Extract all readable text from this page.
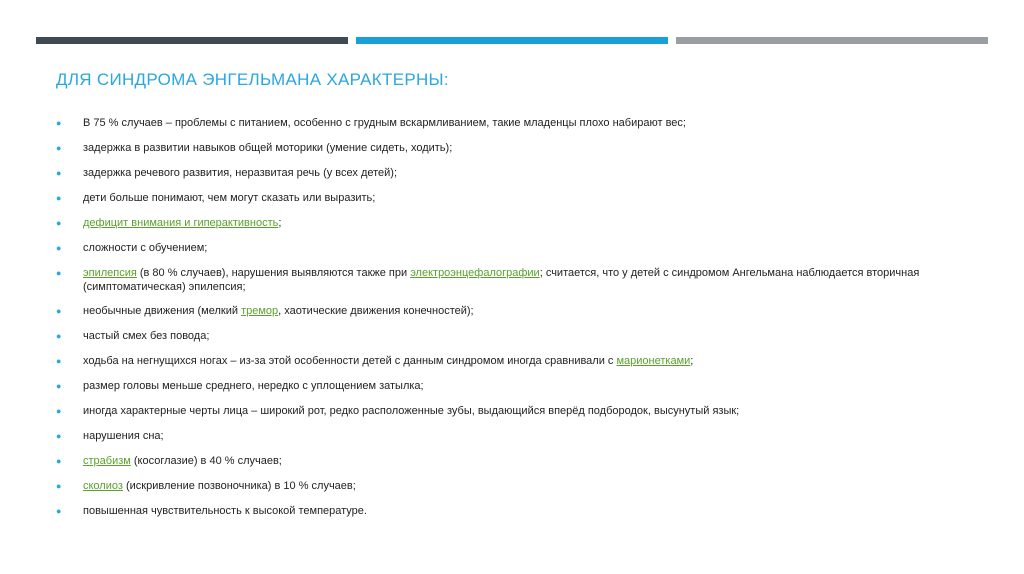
ДЛЯ СИНДРОМА ЭНГЕЛЬМАНА ХАРАКТЕРНЫ:
●	В 75 % случаев – проблемы с питанием, особенно с грудным вскармливанием, такие младенцы плохо набирают вес;
●	задержка в развитии навыков общей моторики (умение сидеть, ходить);
●	задержка речевого развития, неразвитая речь (у всех детей);
●	дети больше понимают, чем могут сказать или выразить;
●	дефицит внимания и гиперактивность;
●	сложности с обучением;
●	эпилепсия (в 80 % случаев), нарушения выявляются также при электроэнцефалографии; считается, что у детей с синдромом Ангельмана наблюдается вторичная (симптоматическая) эпилепсия;
●	необычные движения (мелкий тремор, хаотические движения конечностей);
●	частый смех без повода;
●	ходьба на негнущихся ногах – из-за этой особенности детей с данным синдромом иногда сравнивали с марионетками;
●	размер головы меньше среднего, нередко с уплощением затылка;
●	иногда характерные черты лица – широкий рот, редко расположенные зубы, выдающийся вперёд подбородок, высунутый язык;
●	нарушения сна;
●	страбизм (косоглазие) в 40 % случаев;
●	сколиоз (искривление позвоночника) в 10 % случаев;
●	повышенная чувствительность к высокой температуре.
